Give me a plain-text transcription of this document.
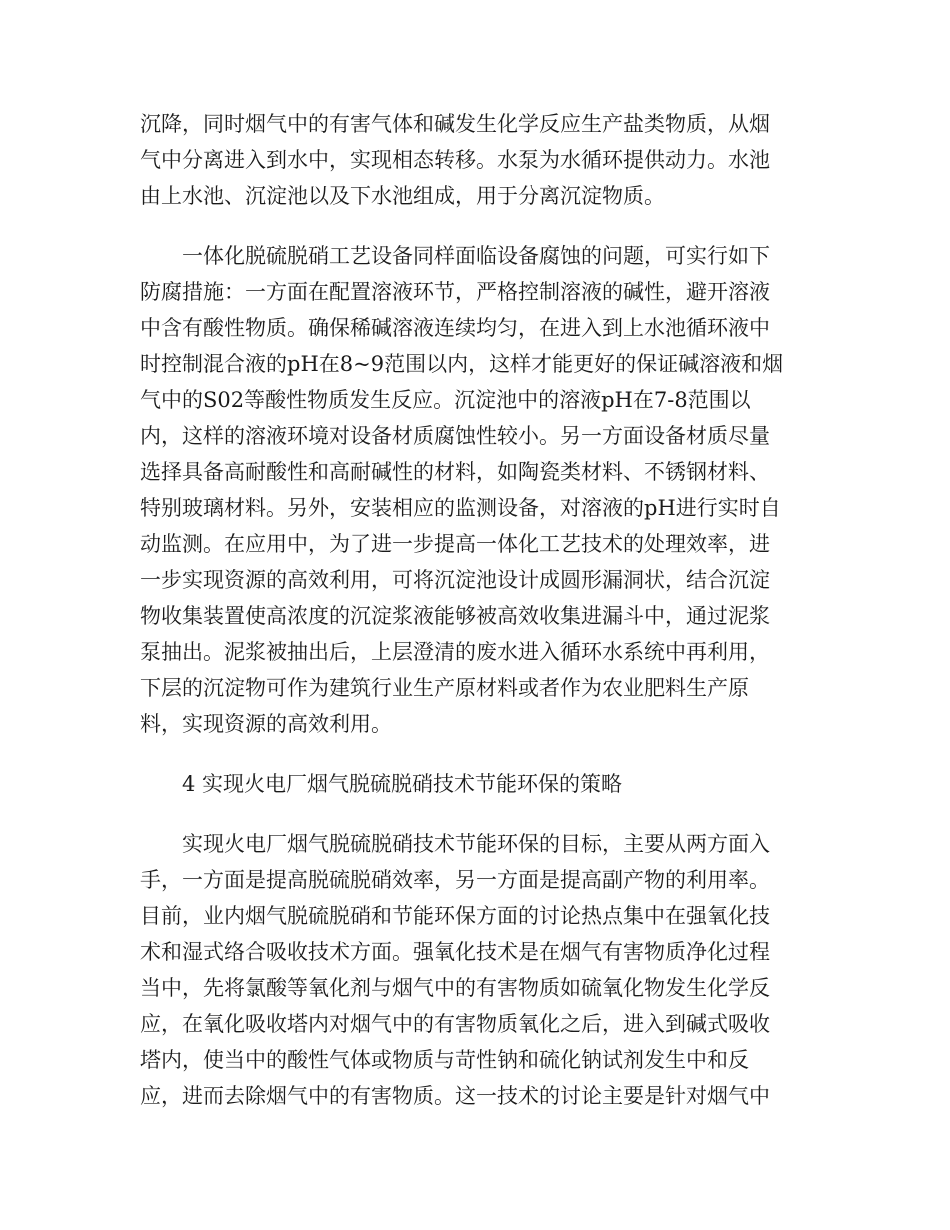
沉降，同时烟气中的有害气体和碱发生化学反应生产盐类物质，从烟
气中分离进入到水中，实现相态转移。水泵为水循环提供动力。水池
由上水池、沉淀池以及下水池组成，用于分离沉淀物质。

一体化脱硫脱硝工艺设备同样面临设备腐蚀的问题，可实行如下
防腐措施：一方面在配置溶液环节，严格控制溶液的碱性，避开溶液
中含有酸性物质。确保稀碱溶液连续均匀，在进入到上水池循环液中
时控制混合液的pH在8~9范围以内，这样才能更好的保证碱溶液和烟
气中的S02等酸性物质发生反应。沉淀池中的溶液pH在7-8范围以
内，这样的溶液环境对设备材质腐蚀性较小。另一方面设备材质尽量
选择具备高耐酸性和高耐碱性的材料，如陶瓷类材料、不锈钢材料、
特别玻璃材料。另外，安装相应的监测设备，对溶液的pH进行实时自
动监测。在应用中，为了进一步提高一体化工艺技术的处理效率，进
一步实现资源的高效利用，可将沉淀池设计成圆形漏洞状，结合沉淀
物收集装置使高浓度的沉淀浆液能够被高效收集进漏斗中，通过泥浆
泵抽出。泥浆被抽出后，上层澄清的废水进入循环水系统中再利用，
下层的沉淀物可作为建筑行业生产原材料或者作为农业肥料生产原
料，实现资源的高效利用。

4 实现火电厂烟气脱硫脱硝技术节能环保的策略

实现火电厂烟气脱硫脱硝技术节能环保的目标，主要从两方面入
手，一方面是提高脱硫脱硝效率，另一方面是提高副产物的利用率。
目前，业内烟气脱硫脱硝和节能环保方面的讨论热点集中在强氧化技
术和湿式络合吸收技术方面。强氧化技术是在烟气有害物质净化过程
当中，先将氯酸等氧化剂与烟气中的有害物质如硫氧化物发生化学反
应，在氧化吸收塔内对烟气中的有害物质氧化之后，进入到碱式吸收
塔内，使当中的酸性气体或物质与苛性钠和硫化钠试剂发生中和反
应，进而去除烟气中的有害物质。这一技术的讨论主要是针对烟气中
